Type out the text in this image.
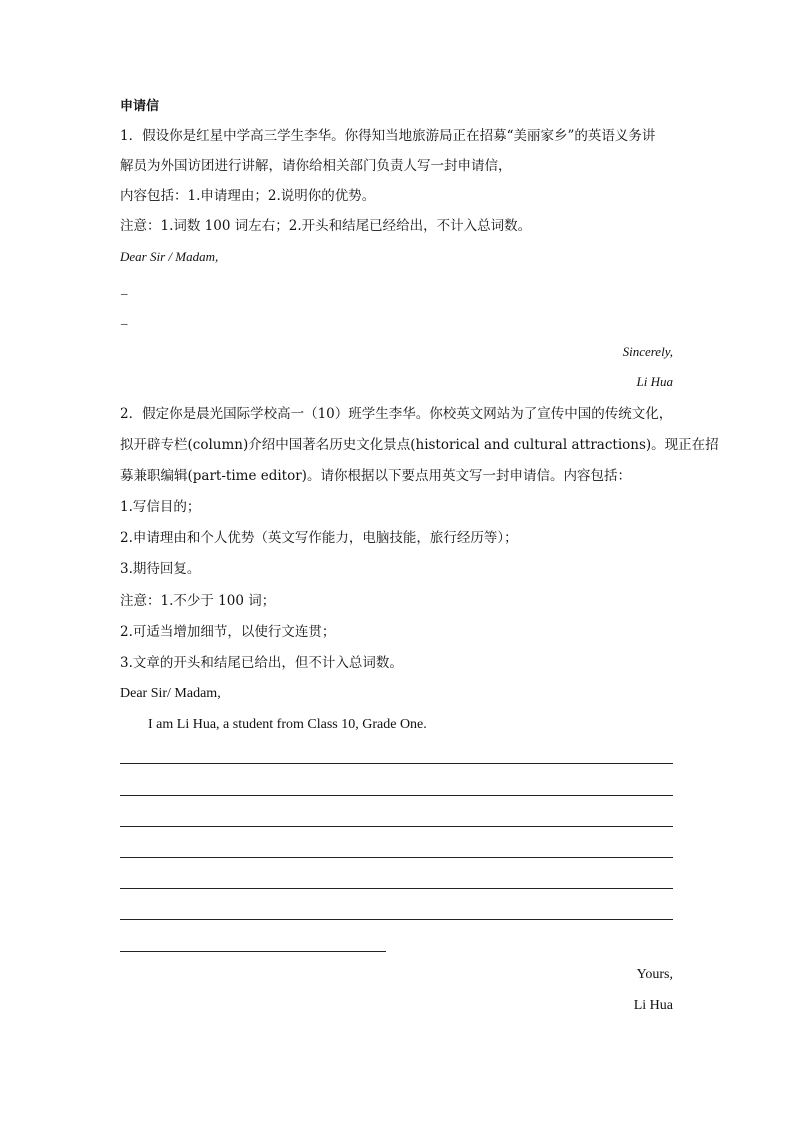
申请信
1．假设你是红星中学高三学生李华。你得知当地旅游局正在招募“美丽家乡”的英语义务讲
解员为外国访团进行讲解，请你给相关部门负责人写一封申请信，
内容包括：1.申请理由；2.说明你的优势。
注意：1.词数 100 词左右；2.开头和结尾已经给出，不计入总词数。
Dear Sir / Madam,
_
_
Sincerely,
Li Hua
2．假定你是晨光国际学校高一（10）班学生李华。你校英文网站为了宣传中国的传统文化，
拟开辟专栏(column)介绍中国著名历史文化景点(historical and cultural attractions)。现正在招
募兼职编辑(part-time editor)。请你根据以下要点用英文写一封申请信。内容包括：
1.写信目的；
2.申请理由和个人优势（英文写作能力，电脑技能，旅行经历等）；
3.期待回复。
注意：1.不少于 100 词；
2.可适当增加细节，以使行文连贯；
3.文章的开头和结尾已给出，但不计入总词数。
Dear Sir/ Madam,
I am Li Hua, a student from Class 10, Grade One.
Yours,
Li Hua
